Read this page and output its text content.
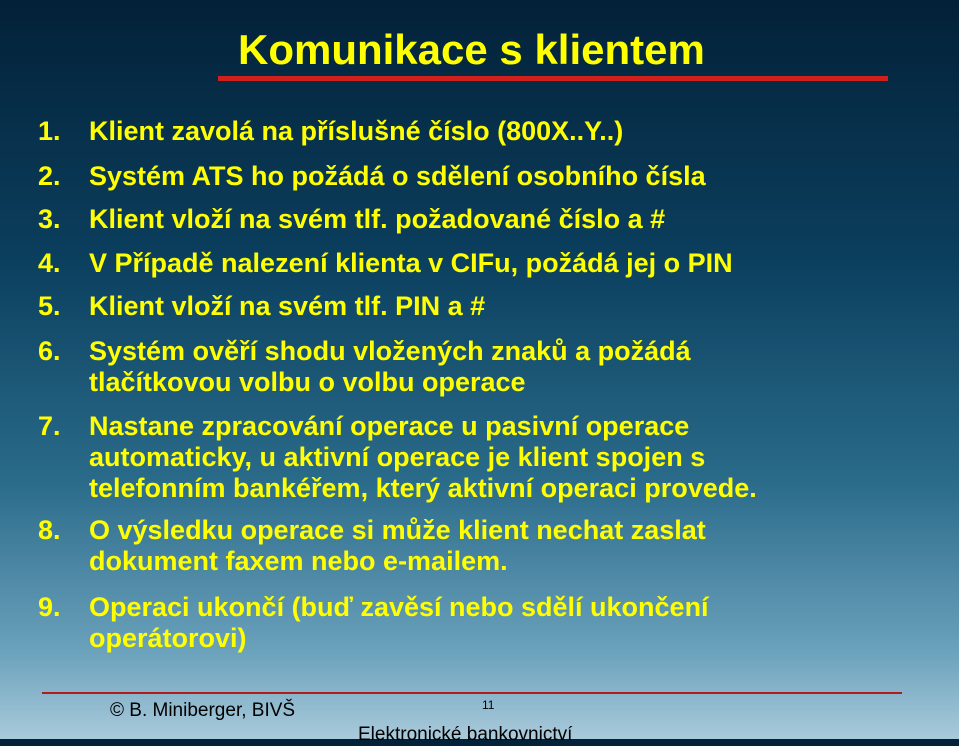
Komunikace s klientem
1.	Klient zavolá na příslušné číslo (800X..Y..)
2.	Systém ATS ho požádá o sdělení osobního čísla
3.	Klient vloží na svém tlf. požadované číslo a #
4.	V Případě nalezení klienta v CIFu, požádá jej o PIN
5.	Klient vloží na svém tlf. PIN a #
6.	Systém ověří shodu vložených znaků a požádá
tlačítkovou volbu o volbu operace
7.	Nastane zpracování operace u pasivní operace
automaticky, u aktivní operace je klient spojen s
telefonním bankéřem, který aktivní operaci provede.
8.	O výsledku operace si může klient nechat zaslat
dokument faxem nebo e-mailem.
9.	Operaci ukončí (buď zavěsí nebo sdělí ukončení
operátorovi)
© B. Miniberger, BIVŠ	11
Elektronické bankovnictví
